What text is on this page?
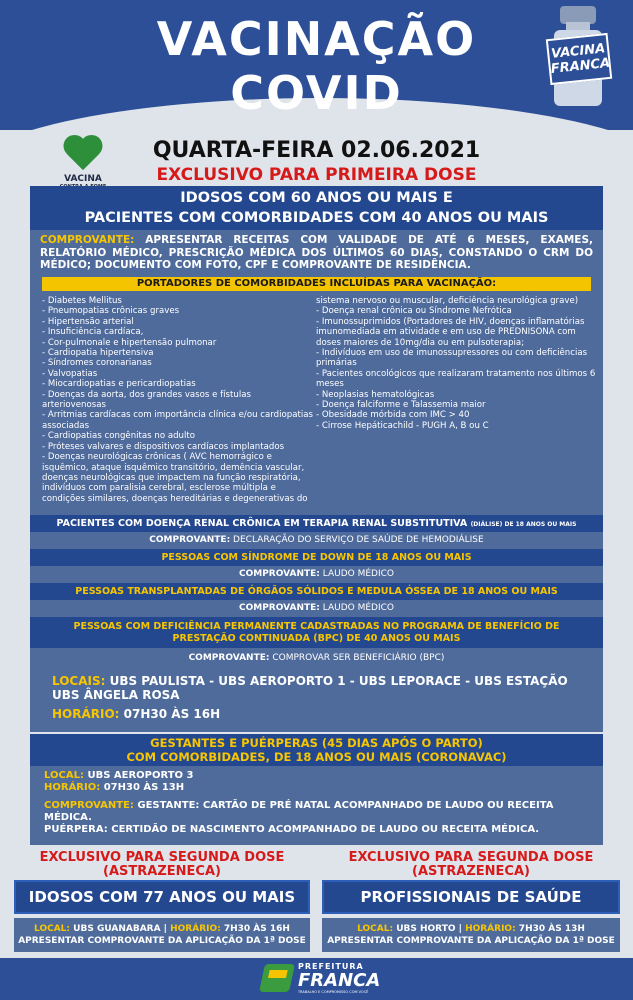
VACINAÇÃO
COVID
VACINA
FRANCA
VACINA
QUARTA-FEIRA 02.06.2021
EXCLUSIVO PARA PRIMEIRA DOSE
IDOSOS COM 60 ANOS OU MAIS E
PACIENTES COM COMORBIDADES COM 40 ANOS OU MAIS
COMPROVANTE: APRESENTAR RECEITAS COM VALIDADE DE ATÉ 6 MESES, EXAMES, RELATÓRIO MÉDICO, PRESCRIÇÃO MÉDICA DOS ÚLTIMOS 60 DIAS, CONSTANDO O CRM DO MÉDICO; DOCUMENTO COM FOTO, CPF E COMPROVANTE DE RESIDÊNCIA.
- Diabetes Mellitus
- Pneumopatias crônicas graves
- Hipertensão arterial
- Insuficiência cardíaca,
- Cor-pulmonale e hipertensão pulmonar
- Cardiopatia hipertensiva
- Síndromes coronarianas
- Valvopatias
- Miocardiopatias e pericardiopatias
- Doenças da aorta, dos grandes vasos e fístulas arteriovenosas
- Arritmias cardíacas com importância clínica e/ou cardiopatias associadas
- Cardiopatias congênitas no adulto
- Próteses valvares e dispositivos cardíacos implantados
- Doenças neurológicas crônicas ( AVC hemorrágico e isquêmico, ataque isquêmico transitório, demência vascular, doenças neurológicas que impactem na função respiratória, indivíduos com paralisia cerebral, esclerose múltipla e condições similares, doenças hereditárias e degenerativas do
sistema nervoso ou muscular, deficiência neurológica grave)
- Doença renal crônica ou Síndrome Nefrótica
- Imunossuprimidos (Portadores de HIV, doenças inflamatórias imunomediada em atividade e em uso de PREDNISONA com doses maiores de 10mg/dia ou em pulsoterapia;
- Indivíduos em uso de imunossupressores ou com deficiências primárias
- Pacientes oncológicos que realizaram tratamento nos últimos 6 meses
- Neoplasias hematológicas
- Doença falciforme e Talassemia maior
- Obesidade mórbida com IMC > 40
- Cirrose Hepáticachild - PUGH A, B ou C
PORTADORES DE COMORBIDADES INCLUÍDAS PARA VACINAÇÃO:
PACIENTES COM DOENÇA RENAL CRÔNICA EM TERAPIA RENAL SUBSTITUTIVA (DIÁLISE) DE 18 ANOS OU MAIS
COMPROVANTE: DECLARAÇÃO DO SERVIÇO DE SAÚDE DE HEMODIÁLISE
PESSOAS COM SÍNDROME DE DOWN DE 18 ANOS OU MAIS
COMPROVANTE: LAUDO MÉDICO
PESSOAS TRANSPLANTADAS DE ÓRGÃOS SÓLIDOS E MEDULA ÓSSEA DE 18 ANOS OU MAIS
COMPROVANTE: LAUDO MÉDICO
PESSOAS COM DEFICIÊNCIA PERMANENTE CADASTRADAS NO PROGRAMA DE BENEFÍCIO DE
PRESTAÇÃO CONTINUADA (BPC) DE 40 ANOS OU MAIS
COMPROVANTE: COMPROVAR SER BENEFICIÁRIO (BPC)
LOCAIS: UBS PAULISTA - UBS AEROPORTO 1 - UBS LEPORACE - UBS ESTAÇÃO UBS ÂNGELA ROSA
HORÁRIO: 07H30 ÀS 16H
GESTANTES E PUÉRPERAS (45 DIAS APÓS O PARTO)
COM COMORBIDADES, DE 18 ANOS OU MAIS (CORONAVAC)
LOCAL: UBS AEROPORTO 3
HORÁRIO: 07H30 ÀS 13H
COMPROVANTE: GESTANTE: CARTÃO DE PRÉ NATAL ACOMPANHADO DE LAUDO OU RECEITA MÉDICA.
PUÉRPERA: CERTIDÃO DE NASCIMENTO ACOMPANHADO DE LAUDO OU RECEITA MÉDICA.
EXCLUSIVO PARA SEGUNDA DOSE
(ASTRAZENECA)
EXCLUSIVO PARA SEGUNDA DOSE
(ASTRAZENECA)
IDOSOS COM 77 ANOS OU MAIS	PROFISSIONAIS DE SAÚDE
LOCAL: UBS GUANABARA | HORÁRIO: 7H30 ÀS 16H
APRESENTAR COMPROVANTE DA APLICAÇÃO DA 1ª DOSE
LOCAL: UBS HORTO | HORÁRIO: 7H30 ÀS 13H
APRESENTAR COMPROVANTE DA APLICAÇÃO DA 1ª DOSE
PREFEITURA
FRANCA
TRABALHO E COMPROMISSO COM VOCÊ
